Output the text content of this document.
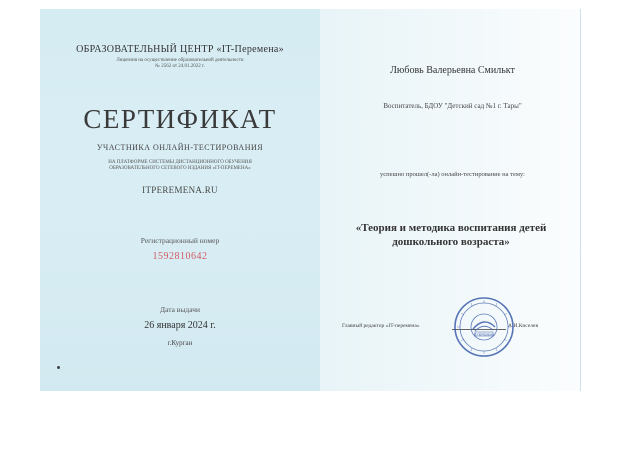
ОБРАЗОВАТЕЛЬНЫЙ ЦЕНТР «IT-Перемена»
Лицензия на осуществление образовательной деятельности
№ 2562 от 24.01.2022 г.
СЕРТИФИКАТ
УЧАСТНИКА ОНЛАЙН-ТЕСТИРОВАНИЯ
НА ПЛАТФОРМЕ СИСТЕМЫ ДИСТАНЦИОННОГО ОБУЧЕНИЯ
ОБРАЗОВАТЕЛЬНОГО СЕТЕВОГО ИЗДАНИЯ «IT-ПЕРЕМЕНА»
ITPEREMENA.RU
Регистрационный номер
1592810642
Дата выдачи
26 января 2024 г.
г.Курган
Любовь Валерьевна Смилькт
Воспитатель, БДОУ "Детский сад №1 г. Тары"
успешно прошел(-ла) онлайн-тестирование на тему:
«Теория и методика воспитания детей
дошкольного возраста»
Главный редактор «IT-перемена»	А.И.Киселев
IT-ПЕРЕМЕНА
